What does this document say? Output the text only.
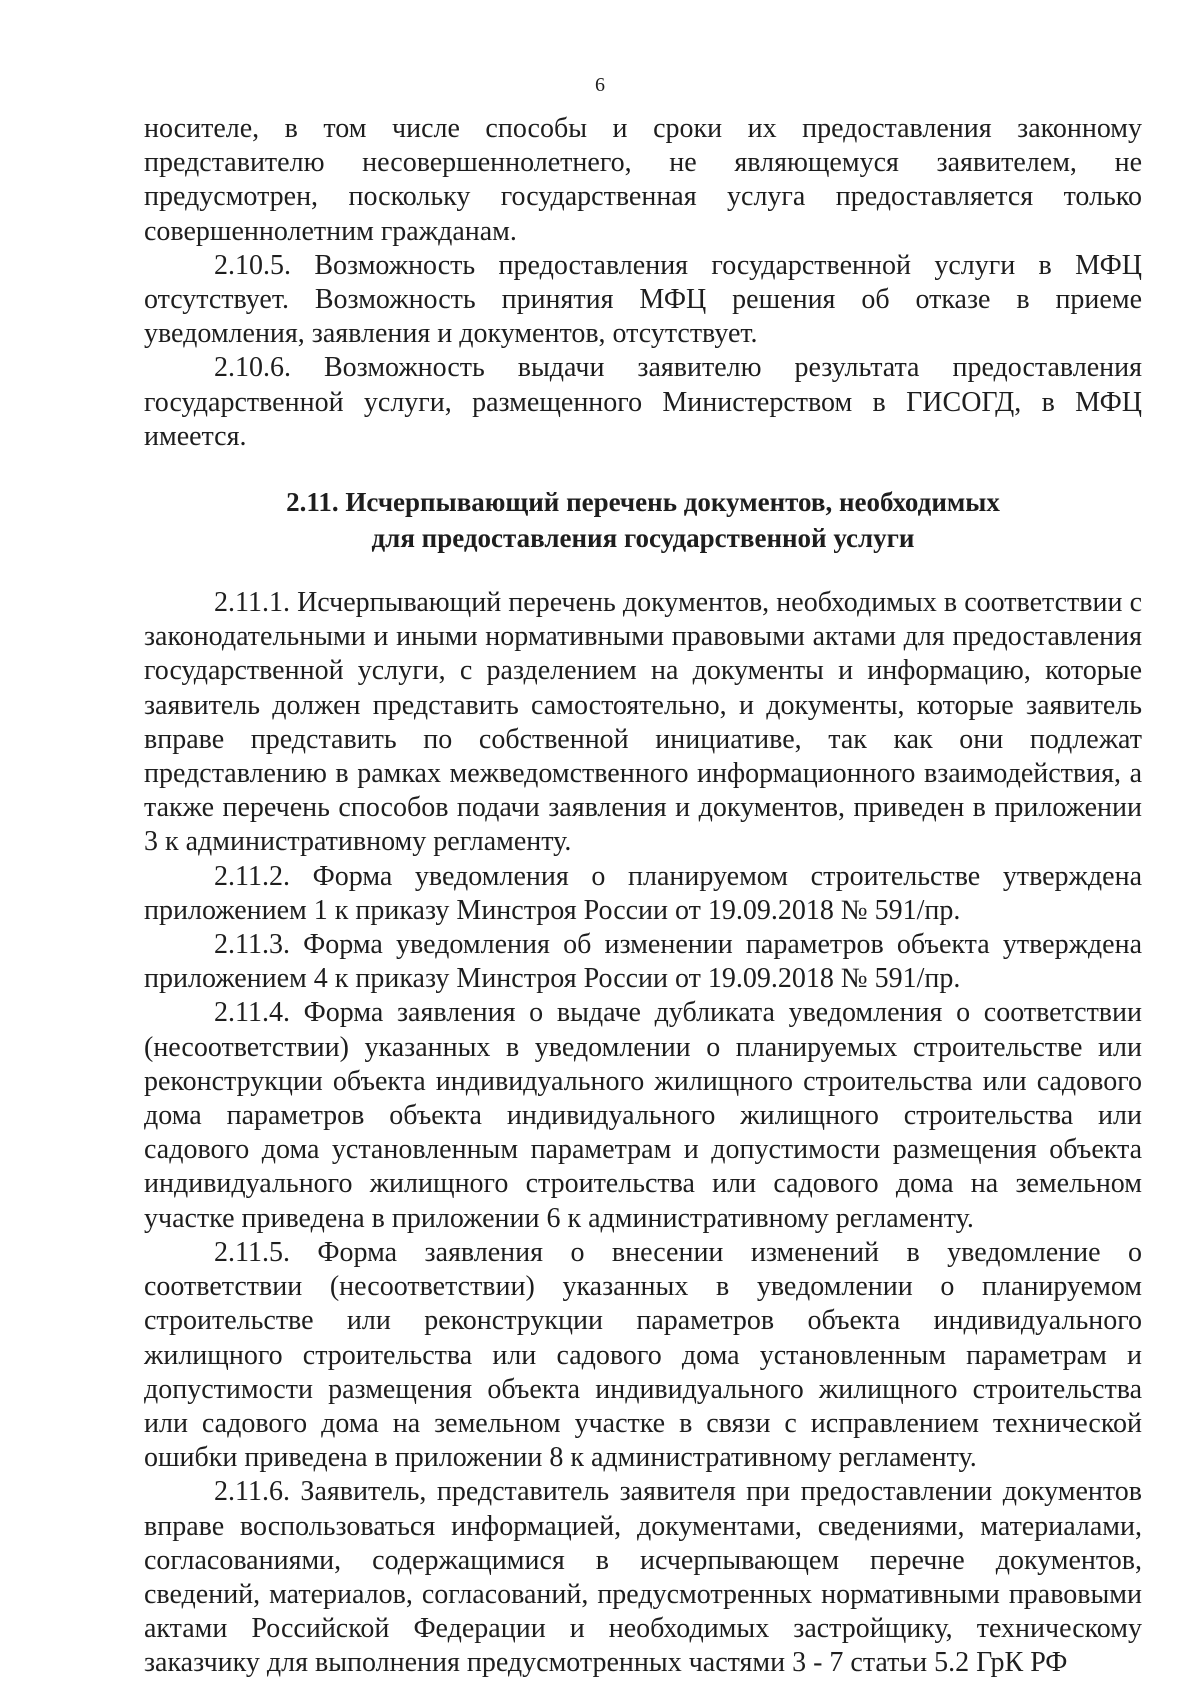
6

носителе, в том числе способы и сроки их предоставления законному представителю несовершеннолетнего, не являющемуся заявителем, не предусмотрен, поскольку государственная услуга предоставляется только совершеннолетним гражданам.

2.10.5. Возможность предоставления государственной услуги в МФЦ отсутствует. Возможность принятия МФЦ решения об отказе в приеме уведомления, заявления и документов, отсутствует.

2.10.6. Возможность выдачи заявителю результата предоставления государственной услуги, размещенного Министерством в ГИСОГД, в МФЦ имеется.

2.11. Исчерпывающий перечень документов, необходимых
для предоставления государственной услуги

2.11.1. Исчерпывающий перечень документов, необходимых в соответствии с законодательными и иными нормативными правовыми актами для предоставления государственной услуги, с разделением на документы и информацию, которые заявитель должен представить самостоятельно, и документы, которые заявитель вправе представить по собственной инициативе, так как они подлежат представлению в рамках межведомственного информационного взаимодействия, а также перечень способов подачи заявления и документов, приведен в приложении 3 к административному регламенту.

2.11.2. Форма уведомления о планируемом строительстве утверждена приложением 1 к приказу Минстроя России от 19.09.2018 № 591/пр.

2.11.3. Форма уведомления об изменении параметров объекта утверждена приложением 4 к приказу Минстроя России от 19.09.2018 № 591/пр.

2.11.4. Форма заявления о выдаче дубликата уведомления о соответствии (несоответствии) указанных в уведомлении о планируемых строительстве или реконструкции объекта индивидуального жилищного строительства или садового дома параметров объекта индивидуального жилищного строительства или садового дома установленным параметрам и допустимости размещения объекта индивидуального жилищного строительства или садового дома на земельном участке приведена в приложении 6 к административному регламенту.

2.11.5. Форма заявления о внесении изменений в уведомление о соответствии (несоответствии) указанных в уведомлении о планируемом строительстве или реконструкции параметров объекта индивидуального жилищного строительства или садового дома установленным параметрам и допустимости размещения объекта индивидуального жилищного строительства или садового дома на земельном участке в связи с исправлением технической ошибки приведена в приложении 8 к административному регламенту.

2.11.6. Заявитель, представитель заявителя при предоставлении документов вправе воспользоваться информацией, документами, сведениями, материалами, согласованиями, содержащимися в исчерпывающем перечне документов, сведений, материалов, согласований, предусмотренных нормативными правовыми актами Российской Федерации и необходимых застройщику, техническому заказчику для выполнения предусмотренных частями 3 - 7 статьи 5.2 ГрК РФ
